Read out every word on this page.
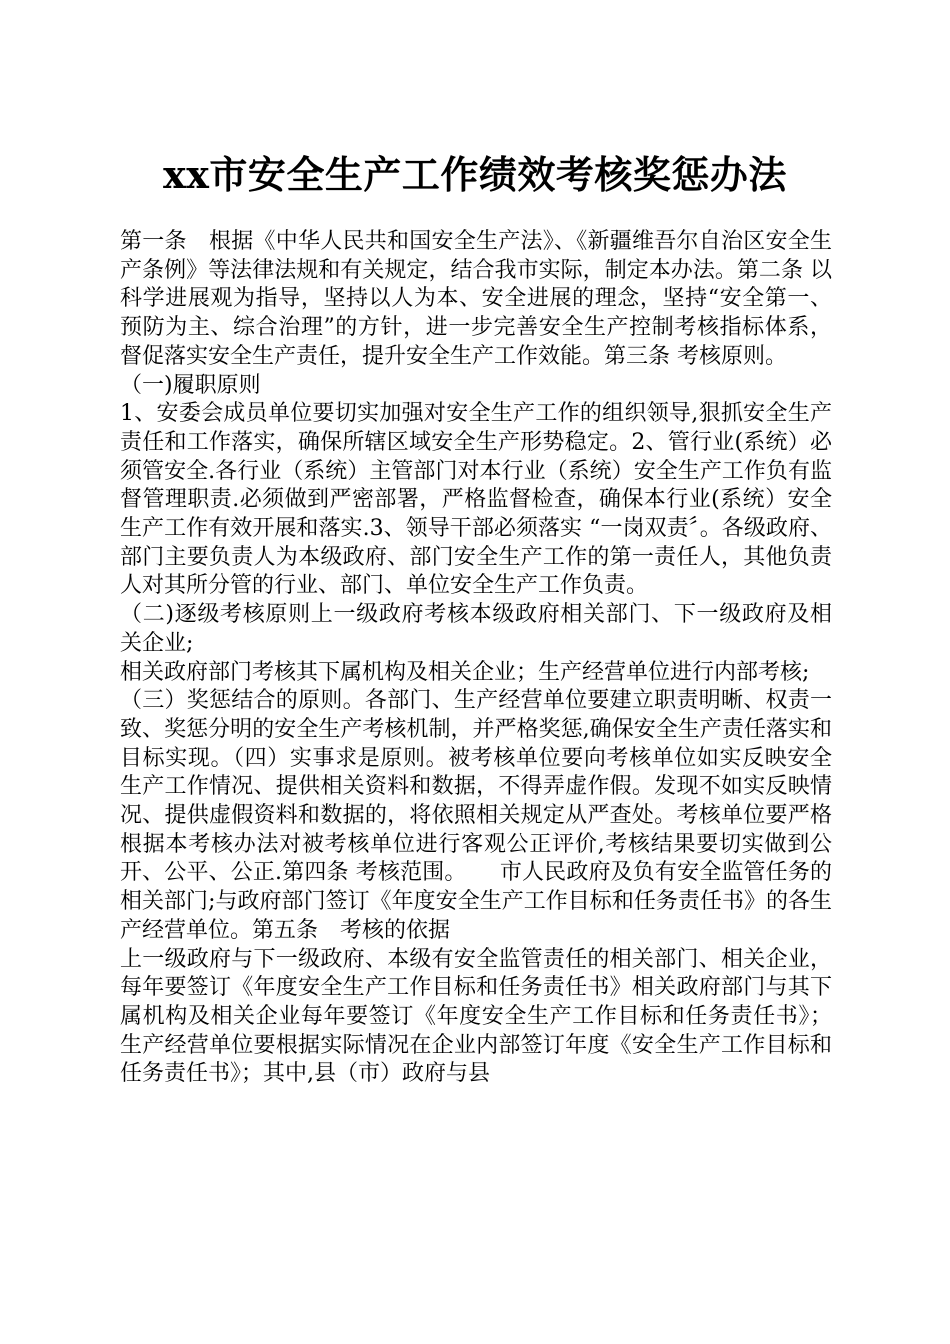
xx市安全生产工作绩效考核奖惩办法

第一条　根据《中华人民共和国安全生产法》、《新疆维吾尔自治区安全生产条例》等法律法规和有关规定，结合我市实际，制定本办法。第二条 以科学进展观为指导，坚持以人为本、安全进展的理念，坚持“安全第一、预防为主、综合治理”的方针，进一步完善安全生产控制考核指标体系，督促落实安全生产责任，提升安全生产工作效能。第三条 考核原则。

（一)履职原则

1、安委会成员单位要切实加强对安全生产工作的组织领导,狠抓安全生产责任和工作落实，确保所辖区域安全生产形势稳定。2、管行业(系统）必须管安全.各行业（系统）主管部门对本行业（系统）安全生产工作负有监督管理职责.必须做到严密部署，严格监督检查，确保本行业(系统）安全生产工作有效开展和落实.3、领导干部必须落实 “一岗双责〞。各级政府、部门主要负责人为本级政府、部门安全生产工作的第一责任人，其他负责人对其所分管的行业、部门、单位安全生产工作负责。

（二)逐级考核原则上一级政府考核本级政府相关部门、下一级政府及相关企业;

相关政府部门考核其下属机构及相关企业；生产经营单位进行内部考核;

（三）奖惩结合的原则。各部门、生产经营单位要建立职责明晰、权责一致、奖惩分明的安全生产考核机制，并严格奖惩,确保安全生产责任落实和目标实现。（四）实事求是原则。被考核单位要向考核单位如实反映安全生产工作情况、提供相关资料和数据，不得弄虚作假。发现不如实反映情况、提供虚假资料和数据的，将依照相关规定从严查处。考核单位要严格根据本考核办法对被考核单位进行客观公正评价,考核结果要切实做到公开、公平、公正.第四条 考核范围。　　市人民政府及负有安全监管任务的相关部门;与政府部门签订《年度安全生产工作目标和任务责任书》的各生产经营单位。第五条　考核的依据

上一级政府与下一级政府、本级有安全监管责任的相关部门、相关企业，每年要签订《年度安全生产工作目标和任务责任书》相关政府部门与其下属机构及相关企业每年要签订《年度安全生产工作目标和任务责任书》；生产经营单位要根据实际情况在企业内部签订年度《安全生产工作目标和任务责任书》；其中,县（市）政府与县
